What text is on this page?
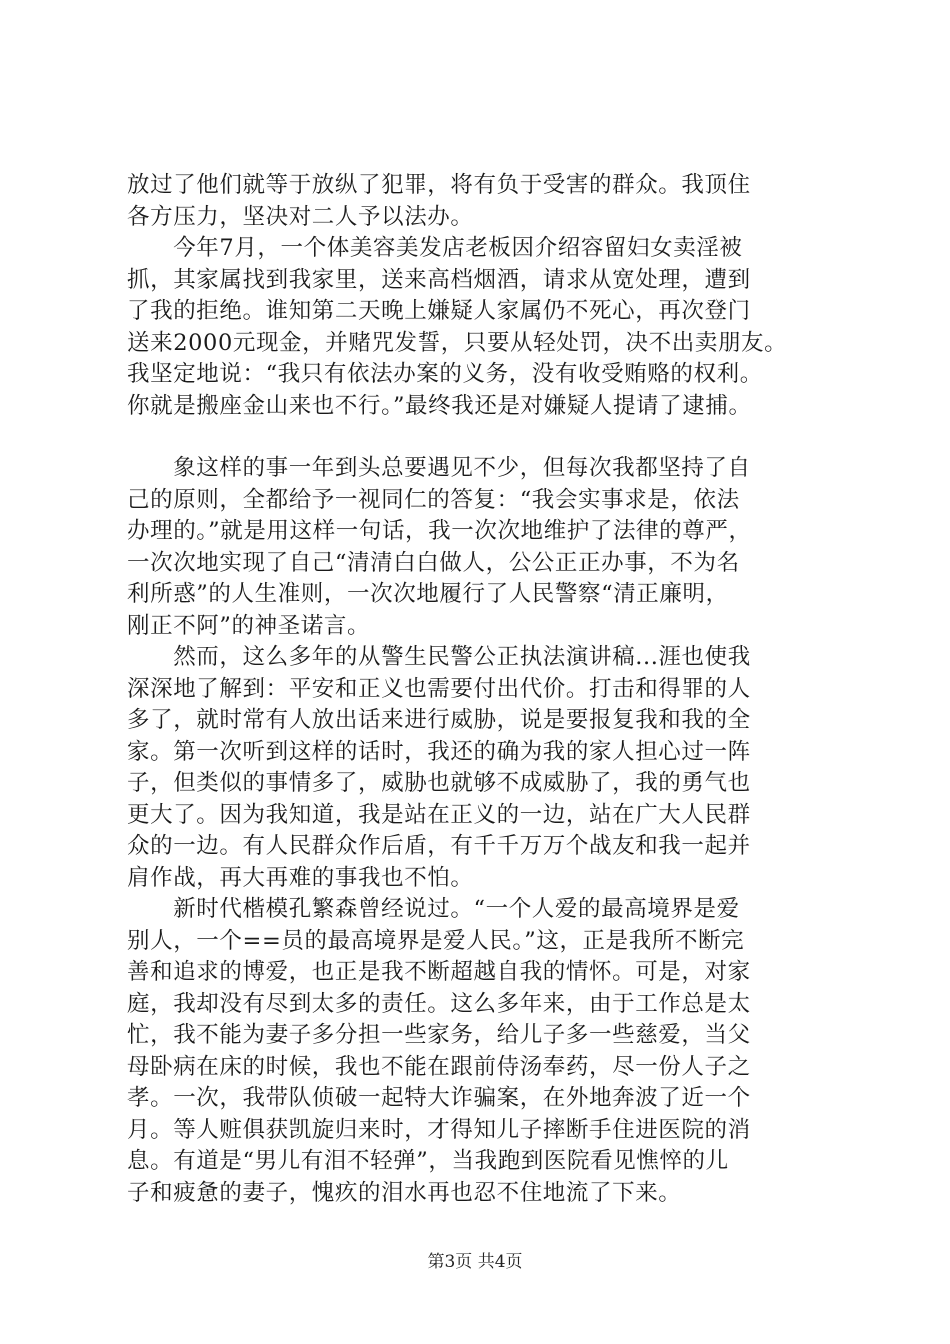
放过了他们就等于放纵了犯罪，将有负于受害的群众。我顶住
各方压力，坚决对二人予以法办。
　　今年7月，一个体美容美发店老板因介绍容留妇女卖淫被
抓，其家属找到我家里，送来高档烟酒，请求从宽处理，遭到
了我的拒绝。谁知第二天晚上嫌疑人家属仍不死心，再次登门
送来2000元现金，并赌咒发誓，只要从轻处罚，决不出卖朋友。
我坚定地说：“我只有依法办案的义务，没有收受贿赂的权利。
你就是搬座金山来也不行。”最终我还是对嫌疑人提请了逮捕。
　　象这样的事一年到头总要遇见不少，但每次我都坚持了自
己的原则，全都给予一视同仁的答复：“我会实事求是，依法
办理的。”就是用这样一句话，我一次次地维护了法律的尊严，
一次次地实现了自己“清清白白做人，公公正正办事，不为名
利所惑”的人生准则，一次次地履行了人民警察“清正廉明，
刚正不阿”的神圣诺言。
　　然而，这么多年的从警生民警公正执法演讲稿...涯也使我
深深地了解到：平安和正义也需要付出代价。打击和得罪的人
多了，就时常有人放出话来进行威胁，说是要报复我和我的全
家。第一次听到这样的话时，我还的确为我的家人担心过一阵
子，但类似的事情多了，威胁也就够不成威胁了，我的勇气也
更大了。因为我知道，我是站在正义的一边，站在广大人民群
众的一边。有人民群众作后盾，有千千万万个战友和我一起并
肩作战，再大再难的事我也不怕。
　　新时代楷模孔繁森曾经说过。“一个人爱的最高境界是爱
别人，一个==员的最高境界是爱人民。”这，正是我所不断完
善和追求的博爱，也正是我不断超越自我的情怀。可是，对家
庭，我却没有尽到太多的责任。这么多年来，由于工作总是太
忙，我不能为妻子多分担一些家务，给儿子多一些慈爱，当父
母卧病在床的时候，我也不能在跟前侍汤奉药，尽一份人子之
孝。一次，我带队侦破一起特大诈骗案，在外地奔波了近一个
月。等人赃俱获凯旋归来时，才得知儿子摔断手住进医院的消
息。有道是“男儿有泪不轻弹”，当我跑到医院看见憔悴的儿
子和疲惫的妻子，愧疚的泪水再也忍不住地流了下来。
第3页 共4页
